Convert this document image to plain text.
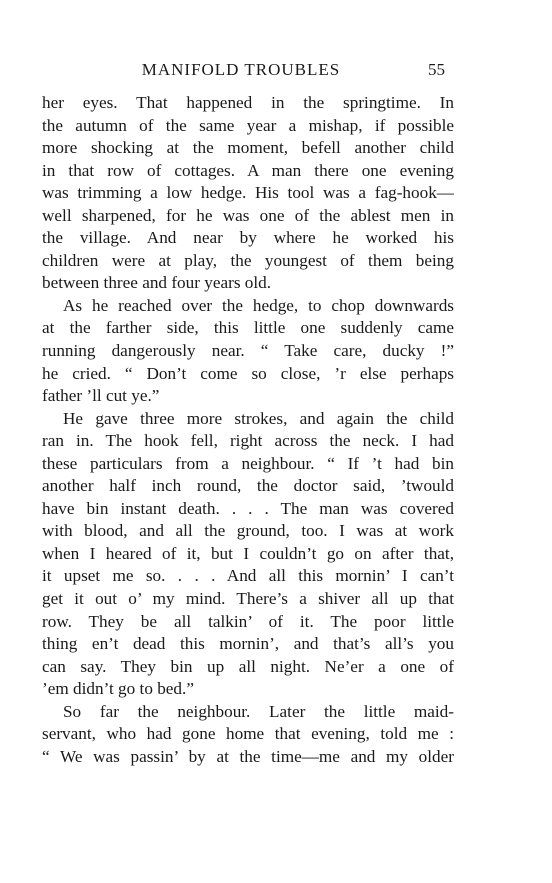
MANIFOLD TROUBLES	55
her eyes. That happened in the springtime. In
the autumn of the same year a mishap, if possible
more shocking at the moment, befell another child
in that row of cottages. A man there one evening
was trimming a low hedge. His tool was a fag-hook—
well sharpened, for he was one of the ablest men in
the village. And near by where he worked his
children were at play, the youngest of them being
between three and four years old.
As he reached over the hedge, to chop downwards
at the farther side, this little one suddenly came
running dangerously near. “ Take care, ducky !”
he cried. “ Don’t come so close, ’r else perhaps
father ’ll cut ye.”
He gave three more strokes, and again the child
ran in. The hook fell, right across the neck. I had
these particulars from a neighbour. “ If ’t had bin
another half inch round, the doctor said, ’twould
have bin instant death. . . . The man was covered
with blood, and all the ground, too. I was at work
when I heared of it, but I couldn’t go on after that,
it upset me so. . . . And all this mornin’ I can’t
get it out o’ my mind. There’s a shiver all up that
row. They be all talkin’ of it. The poor little
thing en’t dead this mornin’, and that’s all’s you
can say. They bin up all night. Ne’er a one of
’em didn’t go to bed.”
So far the neighbour. Later the little maid-
servant, who had gone home that evening, told me :
“ We was passin’ by at the time—me and my older
